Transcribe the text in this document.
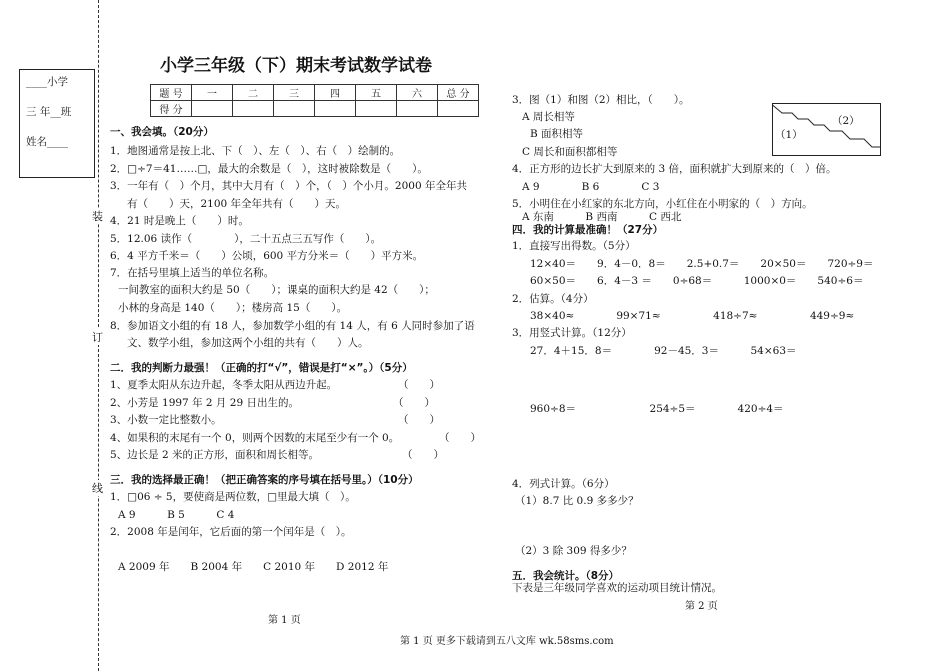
____小学
三 年__班
姓名____
装
订
线
小学三年级（下）期末考试数学试卷
题 号	一	二	三	四	五	六	总 分
得 分							
一、我会填。（20分）
1．地图通常是按上北、下（　）、左（　）、右（　）绘制的。
2．□÷7＝41……□，最大的余数是（　），这时被除数是（　　）。
3．一年有（　）个月，其中大月有（　）个，（　）个小月。2000 年全年共
有（　　）天，2100 年全年共有（　　）天。
4．21 时是晚上（　　）时。
5．12.06 读作（　　　　），二十五点三五写作（　　）。
6．4 平方千米＝（　　）公顷，600 平方分米＝（　　）平方米。
7．在括号里填上适当的单位名称。
一间教室的面积大约是 50（　　）；课桌的面积大约是 42（　　）；
小林的身高是 140（　　）；楼房高 15（　　）。
8．参加语文小组的有 18 人，参加数学小组的有 14 人，有 6 人同时参加了语
文、数学小组，参加这两个小组的共有（　　）人。
二．我的判断力最强！（正确的打“√”，错误是打“×”。）（5分）
1、夏季太阳从东边升起，冬季太阳从西边升起。	（　　）
2、小芳是 1997 年 2 月 29 日出生的。	（　　）
3、小数一定比整数小。	（　　）
4、如果积的末尾有一个 0，则两个因数的末尾至少有一个 0。	（　　）
5、边长是 2 米的正方形，面积和周长相等。	（　　）
三．我的选择最正确！（把正确答案的序号填在括号里。）（10分）
1．□06 ÷ 5，要使商是两位数，□里最大填（　）。
A 9　　　B 5　　　C 4
2．2008 年是闰年，它后面的第一个闰年是（　）。
A 2009 年　　B 2004 年　　C 2010 年　　D 2012 年
第 1 页
3．图（1）和图（2）相比，（　　）。
A 周长相等
B 面积相等
C 周长和面积都相等
（2）
（1）
4．正方形的边长扩大到原来的 3 倍，面积就扩大到原来的（　）倍。
A 9　　　　B 6　　　　C 3
5．小明住在小红家的东北方向，小红住在小明家的（　）方向。
A 东南　　　B 西南　　　C 西北
四．我的计算最准确！（27分）
1．直接写出得数。（5分）
12×40＝　　9．4－0．8＝　　2.5+0.7＝　　20×50＝　　720÷9＝
60×50＝　　6．4－3 ＝　　0÷68＝　　　1000×0＝　　540÷6＝
2．估算。（4分）
38×40≈　　　　99×71≈　　　　　418÷7≈　　　　　449÷9≈
3．用竖式计算。（12分）
27．4＋15．8＝　　　　92－45．3＝　　　54×63＝
960÷8＝　　　　　　　254÷5＝　　　　420÷4＝
4．列式计算。（6分）
（1）8.7 比 0.9 多多少？
（2）3 除 309 得多少？
五．我会统计。（8分）
下表是三年级同学喜欢的运动项目统计情况。
第 2 页
第 1 页 更多下载请到五八文库 wk.58sms.com
